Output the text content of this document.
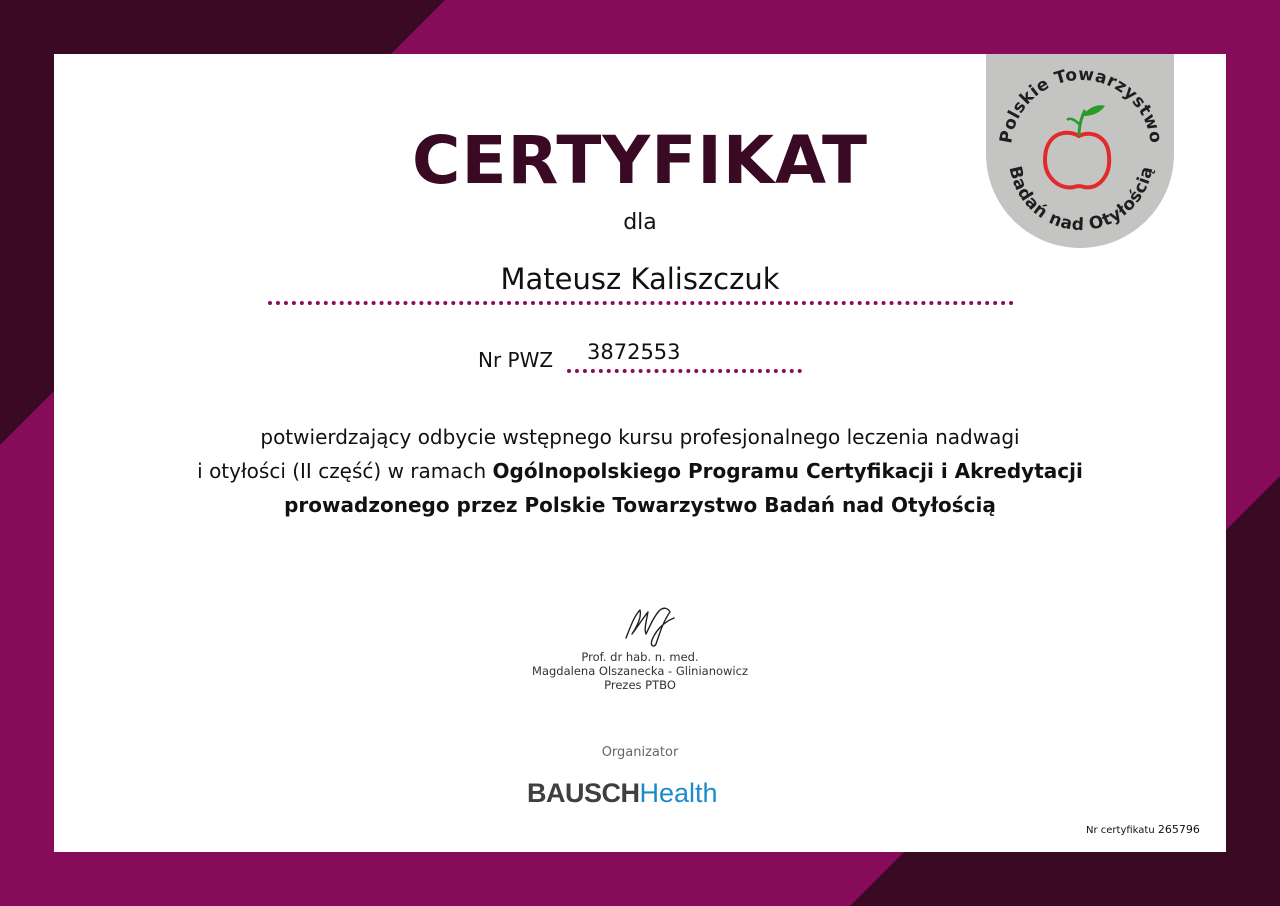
Polskie Towarzystwo
Badań nad Otyłością
CERTYFIKAT
dla
Mateusz Kaliszczuk
Nr PWZ 3872553
potwierdzający odbycie wstępnego kursu profesjonalnego leczenia nadwagi
i otyłości (II część) w ramach Ogólnopolskiego Programu Certyfikacji i Akredytacji
prowadzonego przez Polskie Towarzystwo Badań nad Otyłością
Prof. dr hab. n. med.
Magdalena Olszanecka - Glinianowicz
Prezes PTBO
Organizator
BAUSCHHealth
Nr certyfikatu 265796
